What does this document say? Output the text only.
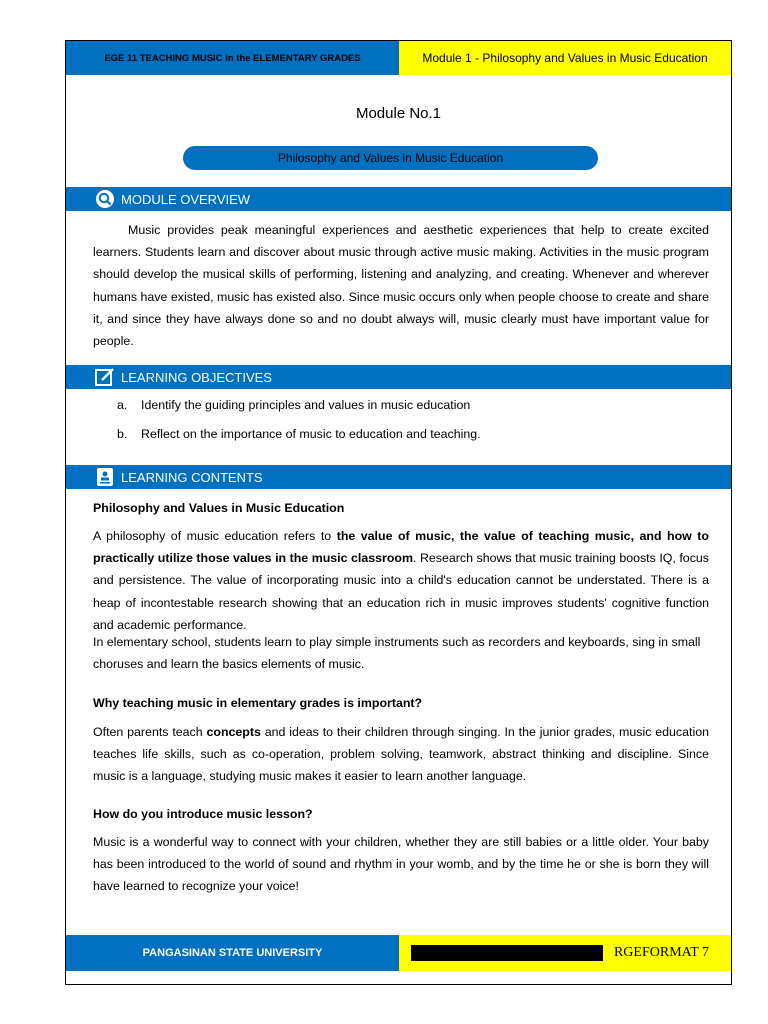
EGE 11 TEACHING MUSIC in the ELEMENTARY GRADES	Module 1 - Philosophy and Values in Music Education
Module No.1
Philosophy and Values in Music Education
MODULE OVERVIEW
Music provides peak meaningful experiences and aesthetic experiences that help to create excited learners. Students learn and discover about music through active music making. Activities in the music program should develop the musical skills of performing, listening and analyzing, and creating. Whenever and wherever humans have existed, music has existed also. Since music occurs only when people choose to create and share it, and since they have always done so and no doubt always will, music clearly must have important value for people.
LEARNING OBJECTIVES
a. Identify the guiding principles and values in music education
b. Reflect on the importance of music to education and teaching.
LEARNING CONTENTS
Philosophy and Values in Music Education
A philosophy of music education refers to the value of music, the value of teaching music, and how to practically utilize those values in the music classroom. Research shows that music training boosts IQ, focus and persistence. The value of incorporating music into a child's education cannot be understated. There is a heap of incontestable research showing that an education rich in music improves students' cognitive function and academic performance.
In elementary school, students learn to play simple instruments such as recorders and keyboards, sing in small choruses and learn the basics elements of music.
Why teaching music in elementary grades is important?
Often parents teach concepts and ideas to their children through singing. In the junior grades, music education teaches life skills, such as co-operation, problem solving, teamwork, abstract thinking and discipline. Since music is a language, studying music makes it easier to learn another language.
How do you introduce music lesson?
Music is a wonderful way to connect with your children, whether they are still babies or a little older. Your baby has been introduced to the world of sound and rhythm in your womb, and by the time he or she is born they will have learned to recognize your voice!
PANGASINAN STATE UNIVERSITY	RGEFORMAT 7
